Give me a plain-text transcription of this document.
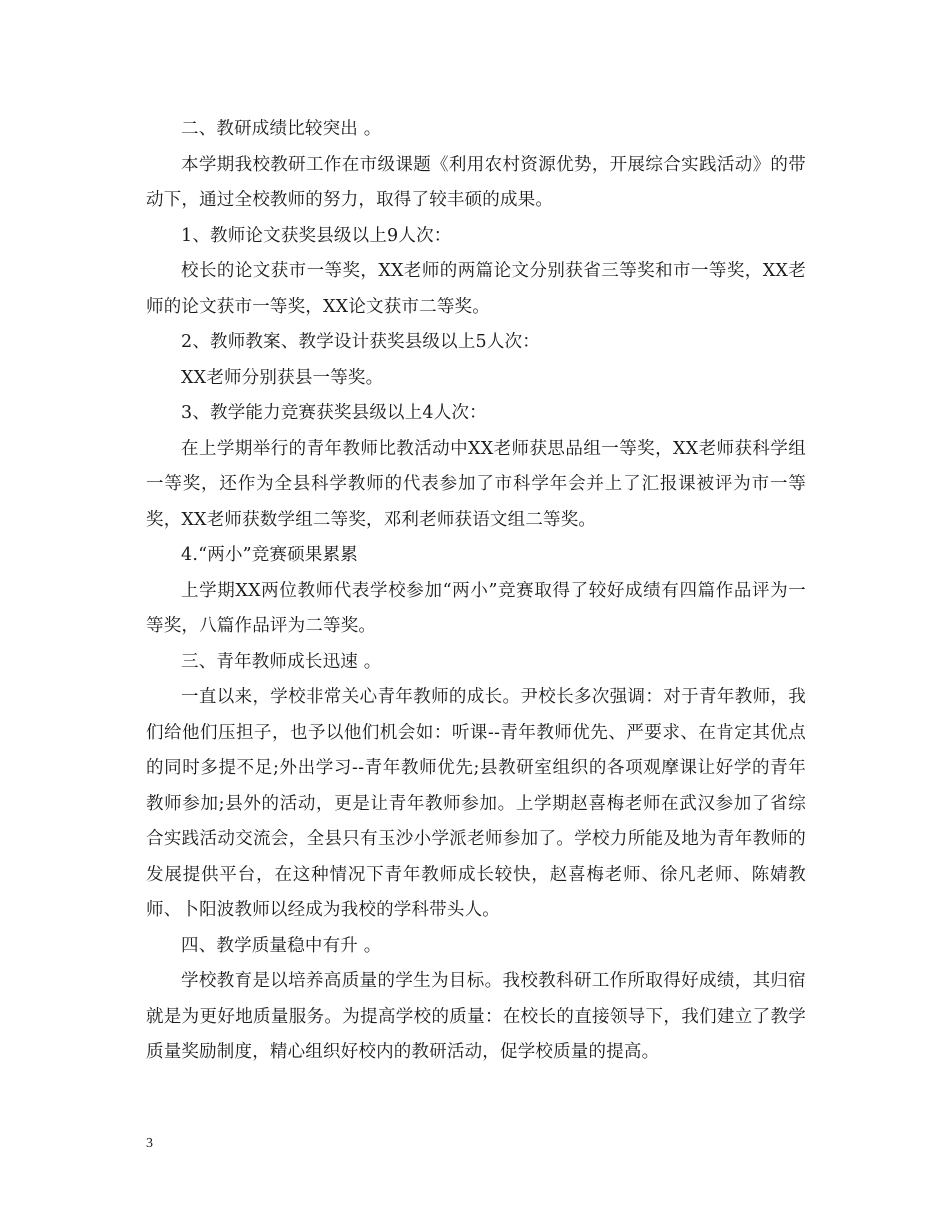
二、教研成绩比较突出 。

本学期我校教研工作在市级课题《利用农村资源优势，开展综合实践活动》的带动下，通过全校教师的努力，取得了较丰硕的成果。

1、教师论文获奖县级以上9人次：

校长的论文获市一等奖，XX老师的两篇论文分别获省三等奖和市一等奖，XX老师的论文获市一等奖，XX论文获市二等奖。

2、教师教案、教学设计获奖县级以上5人次：

XX老师分别获县一等奖。

3、教学能力竞赛获奖县级以上4人次：

在上学期举行的青年教师比教活动中XX老师获思品组一等奖，XX老师获科学组一等奖，还作为全县科学教师的代表参加了市科学年会并上了汇报课被评为市一等奖，XX老师获数学组二等奖，邓利老师获语文组二等奖。

4.“两小”竞赛硕果累累

上学期XX两位教师代表学校参加“两小”竞赛取得了较好成绩有四篇作品评为一等奖，八篇作品评为二等奖。

三、青年教师成长迅速 。

一直以来，学校非常关心青年教师的成长。尹校长多次强调：对于青年教师，我们给他们压担子，也予以他们机会如：听课--青年教师优先、严要求、在肯定其优点的同时多提不足;外出学习--青年教师优先;县教研室组织的各项观摩课让好学的青年教师参加;县外的活动，更是让青年教师参加。上学期赵喜梅老师在武汉参加了省综合实践活动交流会，全县只有玉沙小学派老师参加了。学校力所能及地为青年教师的发展提供平台，在这种情况下青年教师成长较快，赵喜梅老师、徐凡老师、陈婧教师、卜阳波教师以经成为我校的学科带头人。

四、教学质量稳中有升 。

学校教育是以培养高质量的学生为目标。我校教科研工作所取得好成绩，其归宿就是为更好地质量服务。为提高学校的质量：在校长的直接领导下，我们建立了教学质量奖励制度，精心组织好校内的教研活动，促学校质量的提高。

3
